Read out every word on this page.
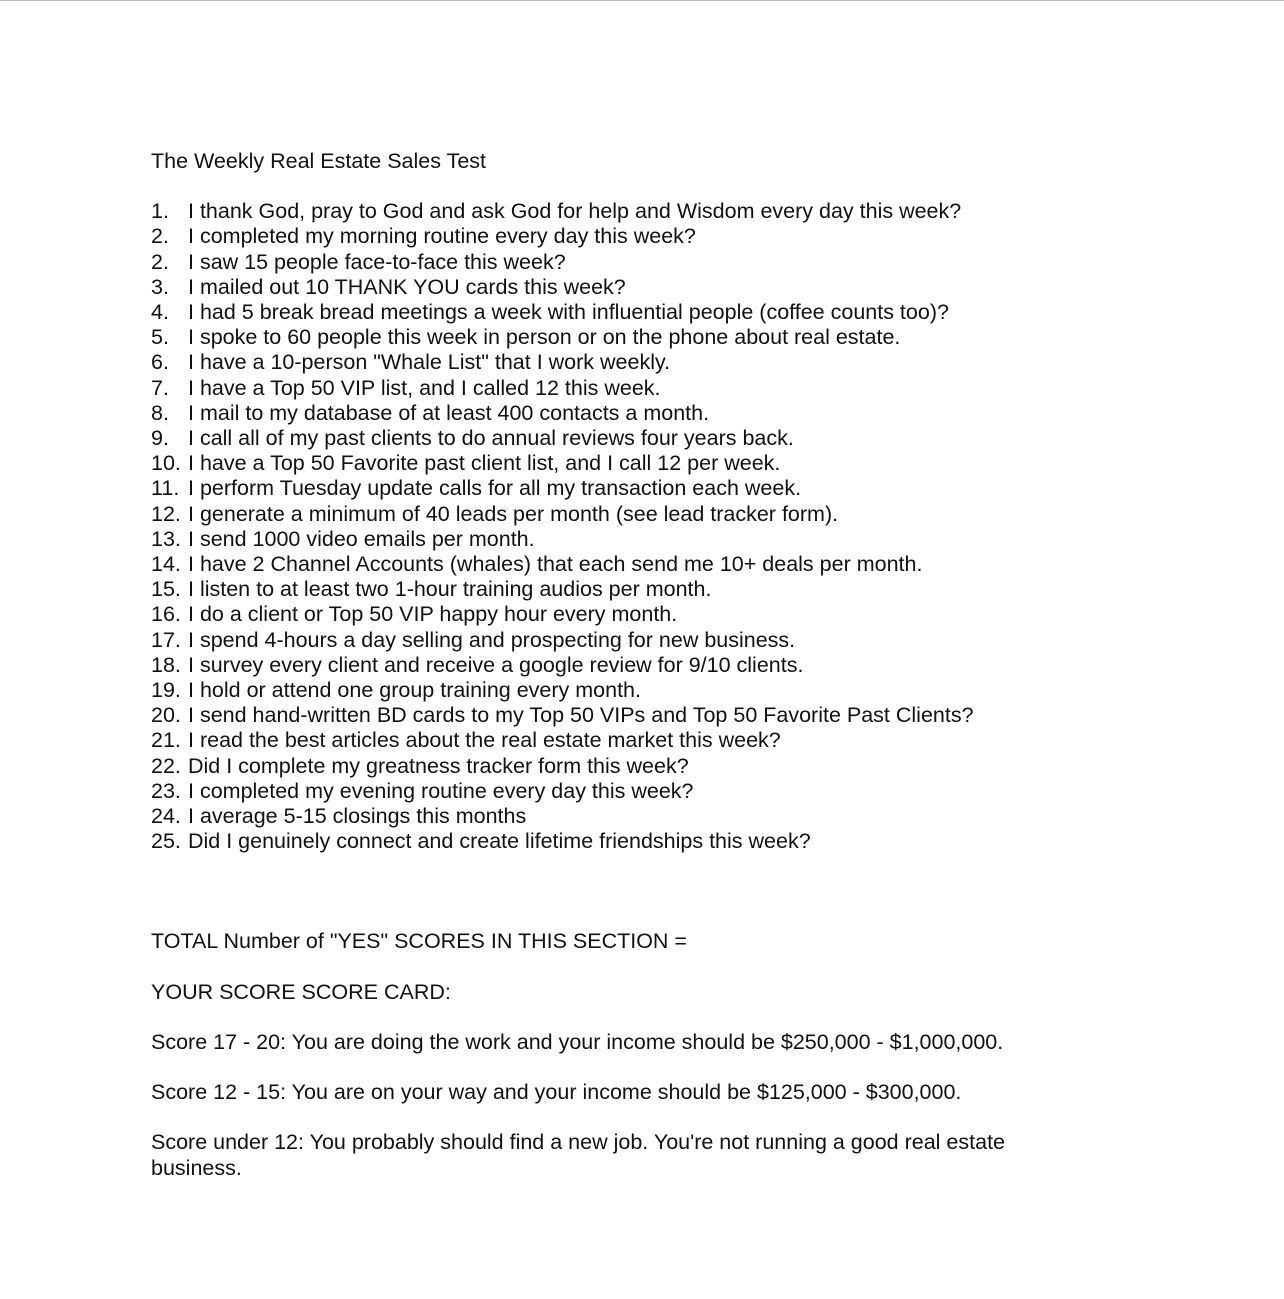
The Weekly Real Estate Sales Test
1. I thank God, pray to God and ask God for help and Wisdom every day this week?
2. I completed my morning routine every day this week?
2. I saw 15 people face-to-face this week?
3. I mailed out 10 THANK YOU cards this week?
4. I had 5 break bread meetings a week with influential people (coffee counts too)?
5. I spoke to 60 people this week in person or on the phone about real estate.
6. I have a 10-person "Whale List" that I work weekly.
7. I have a Top 50 VIP list, and I called 12 this week.
8. I mail to my database of at least 400 contacts a month.
9. I call all of my past clients to do annual reviews four years back.
10. I have a Top 50 Favorite past client list, and I call 12 per week.
11. I perform Tuesday update calls for all my transaction each week.
12. I generate a minimum of 40 leads per month (see lead tracker form).
13. I send 1000 video emails per month.
14. I have 2 Channel Accounts (whales) that each send me 10+ deals per month.
15. I listen to at least two 1-hour training audios per month.
16. I do a client or Top 50 VIP happy hour every month.
17. I spend 4-hours a day selling and prospecting for new business.
18. I survey every client and receive a google review for 9/10 clients.
19. I hold or attend one group training every month.
20. I send hand-written BD cards to my Top 50 VIPs and Top 50 Favorite Past Clients?
21. I read the best articles about the real estate market this week?
22. Did I complete my greatness tracker form this week?
23. I completed my evening routine every day this week?
24. I average 5-15 closings this months
25. Did I genuinely connect and create lifetime friendships this week?

TOTAL Number of "YES" SCORES IN THIS SECTION =

YOUR SCORE SCORE CARD:

Score 17 - 20: You are doing the work and your income should be $250,000 - $1,000,000.

Score 12 - 15: You are on your way and your income should be $125,000 - $300,000.

Score under 12: You probably should find a new job. You're not running a good real estate business.
